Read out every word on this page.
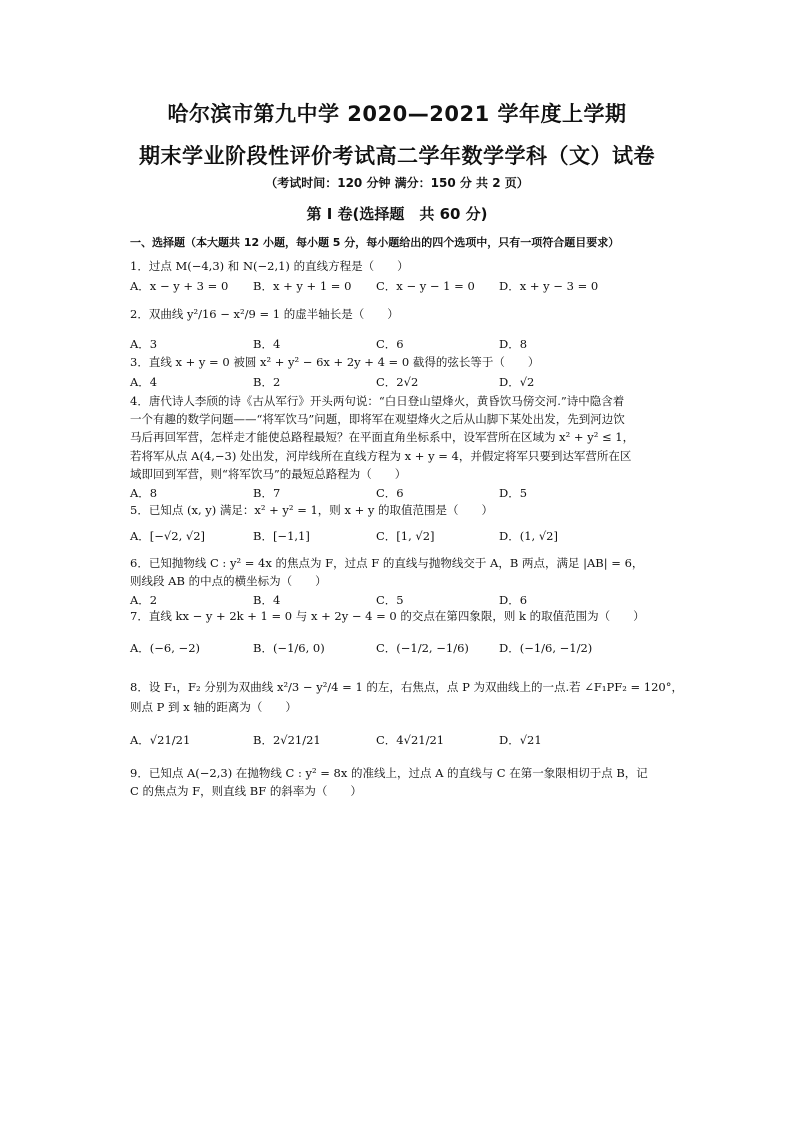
哈尔滨市第九中学 2020—2021 学年度上学期
期末学业阶段性评价考试高二学年数学学科（文）试卷
（考试时间：120 分钟 满分：150 分 共 2 页）
第 Ⅰ 卷(选择题　共 60 分)
一、选择题（本大题共 12 小题，每小题 5 分，每小题给出的四个选项中，只有一项符合题目要求）
1．过点 M(−4,3) 和 N(−2,1) 的直线方程是（　　）
A．x − y + 3 = 0 B．x + y + 1 = 0 C．x − y − 1 = 0 D．x + y − 3 = 0
2．双曲线 y²/16 − x²/9 = 1 的虚半轴长是（　　）
A．3	B．4	C．6	D．8
3．直线 x + y = 0 被圆 x² + y² − 6x + 2y + 4 = 0 截得的弦长等于（　　）
A．4	B．2	C．2√2	D．√2
4．唐代诗人李颀的诗《古从军行》开头两句说：“白日登山望烽火，黄昏饮马傍交河.”诗中隐含着
一个有趣的数学问题——“将军饮马”问题，即将军在观望烽火之后从山脚下某处出发，先到河边饮
马后再回军营，怎样走才能使总路程最短？在平面直角坐标系中，设军营所在区域为 x² + y² ≤ 1，
若将军从点 A(4,−3) 处出发，河岸线所在直线方程为 x + y = 4，并假定将军只要到达军营所在区
域即回到军营，则“将军饮马”的最短总路程为（　　）
A．8	B．7	C．6	D．5
5．已知点 (x, y) 满足：x² + y² = 1，则 x + y 的取值范围是（　　）
A．[−√2, √2]	B．[−1,1]	C．[1, √2]	D．(1, √2]
6．已知抛物线 C : y² = 4x 的焦点为 F，过点 F 的直线与抛物线交于 A，B 两点，满足 |AB| = 6，
则线段 AB 的中点的横坐标为（　　）
A．2	B．4	C．5	D．6
7．直线 kx − y + 2k + 1 = 0 与 x + 2y − 4 = 0 的交点在第四象限，则 k 的取值范围为（　　）
A．(−6, −2)	B．(−1/6, 0)	C．(−1/2, −1/6)	D．(−1/6, −1/2)
8．设 F₁，F₂ 分别为双曲线 x²/3 − y²/4 = 1 的左，右焦点，点 P 为双曲线上的一点.若 ∠F₁PF₂ = 120°，
则点 P 到 x 轴的距离为（　　）
A．√21/21	B．2√21/21	C．4√21/21	D．√21
9．已知点 A(−2,3) 在抛物线 C : y² = 8x 的准线上，过点 A 的直线与 C 在第一象限相切于点 B，记
C 的焦点为 F，则直线 BF 的斜率为（　　）
